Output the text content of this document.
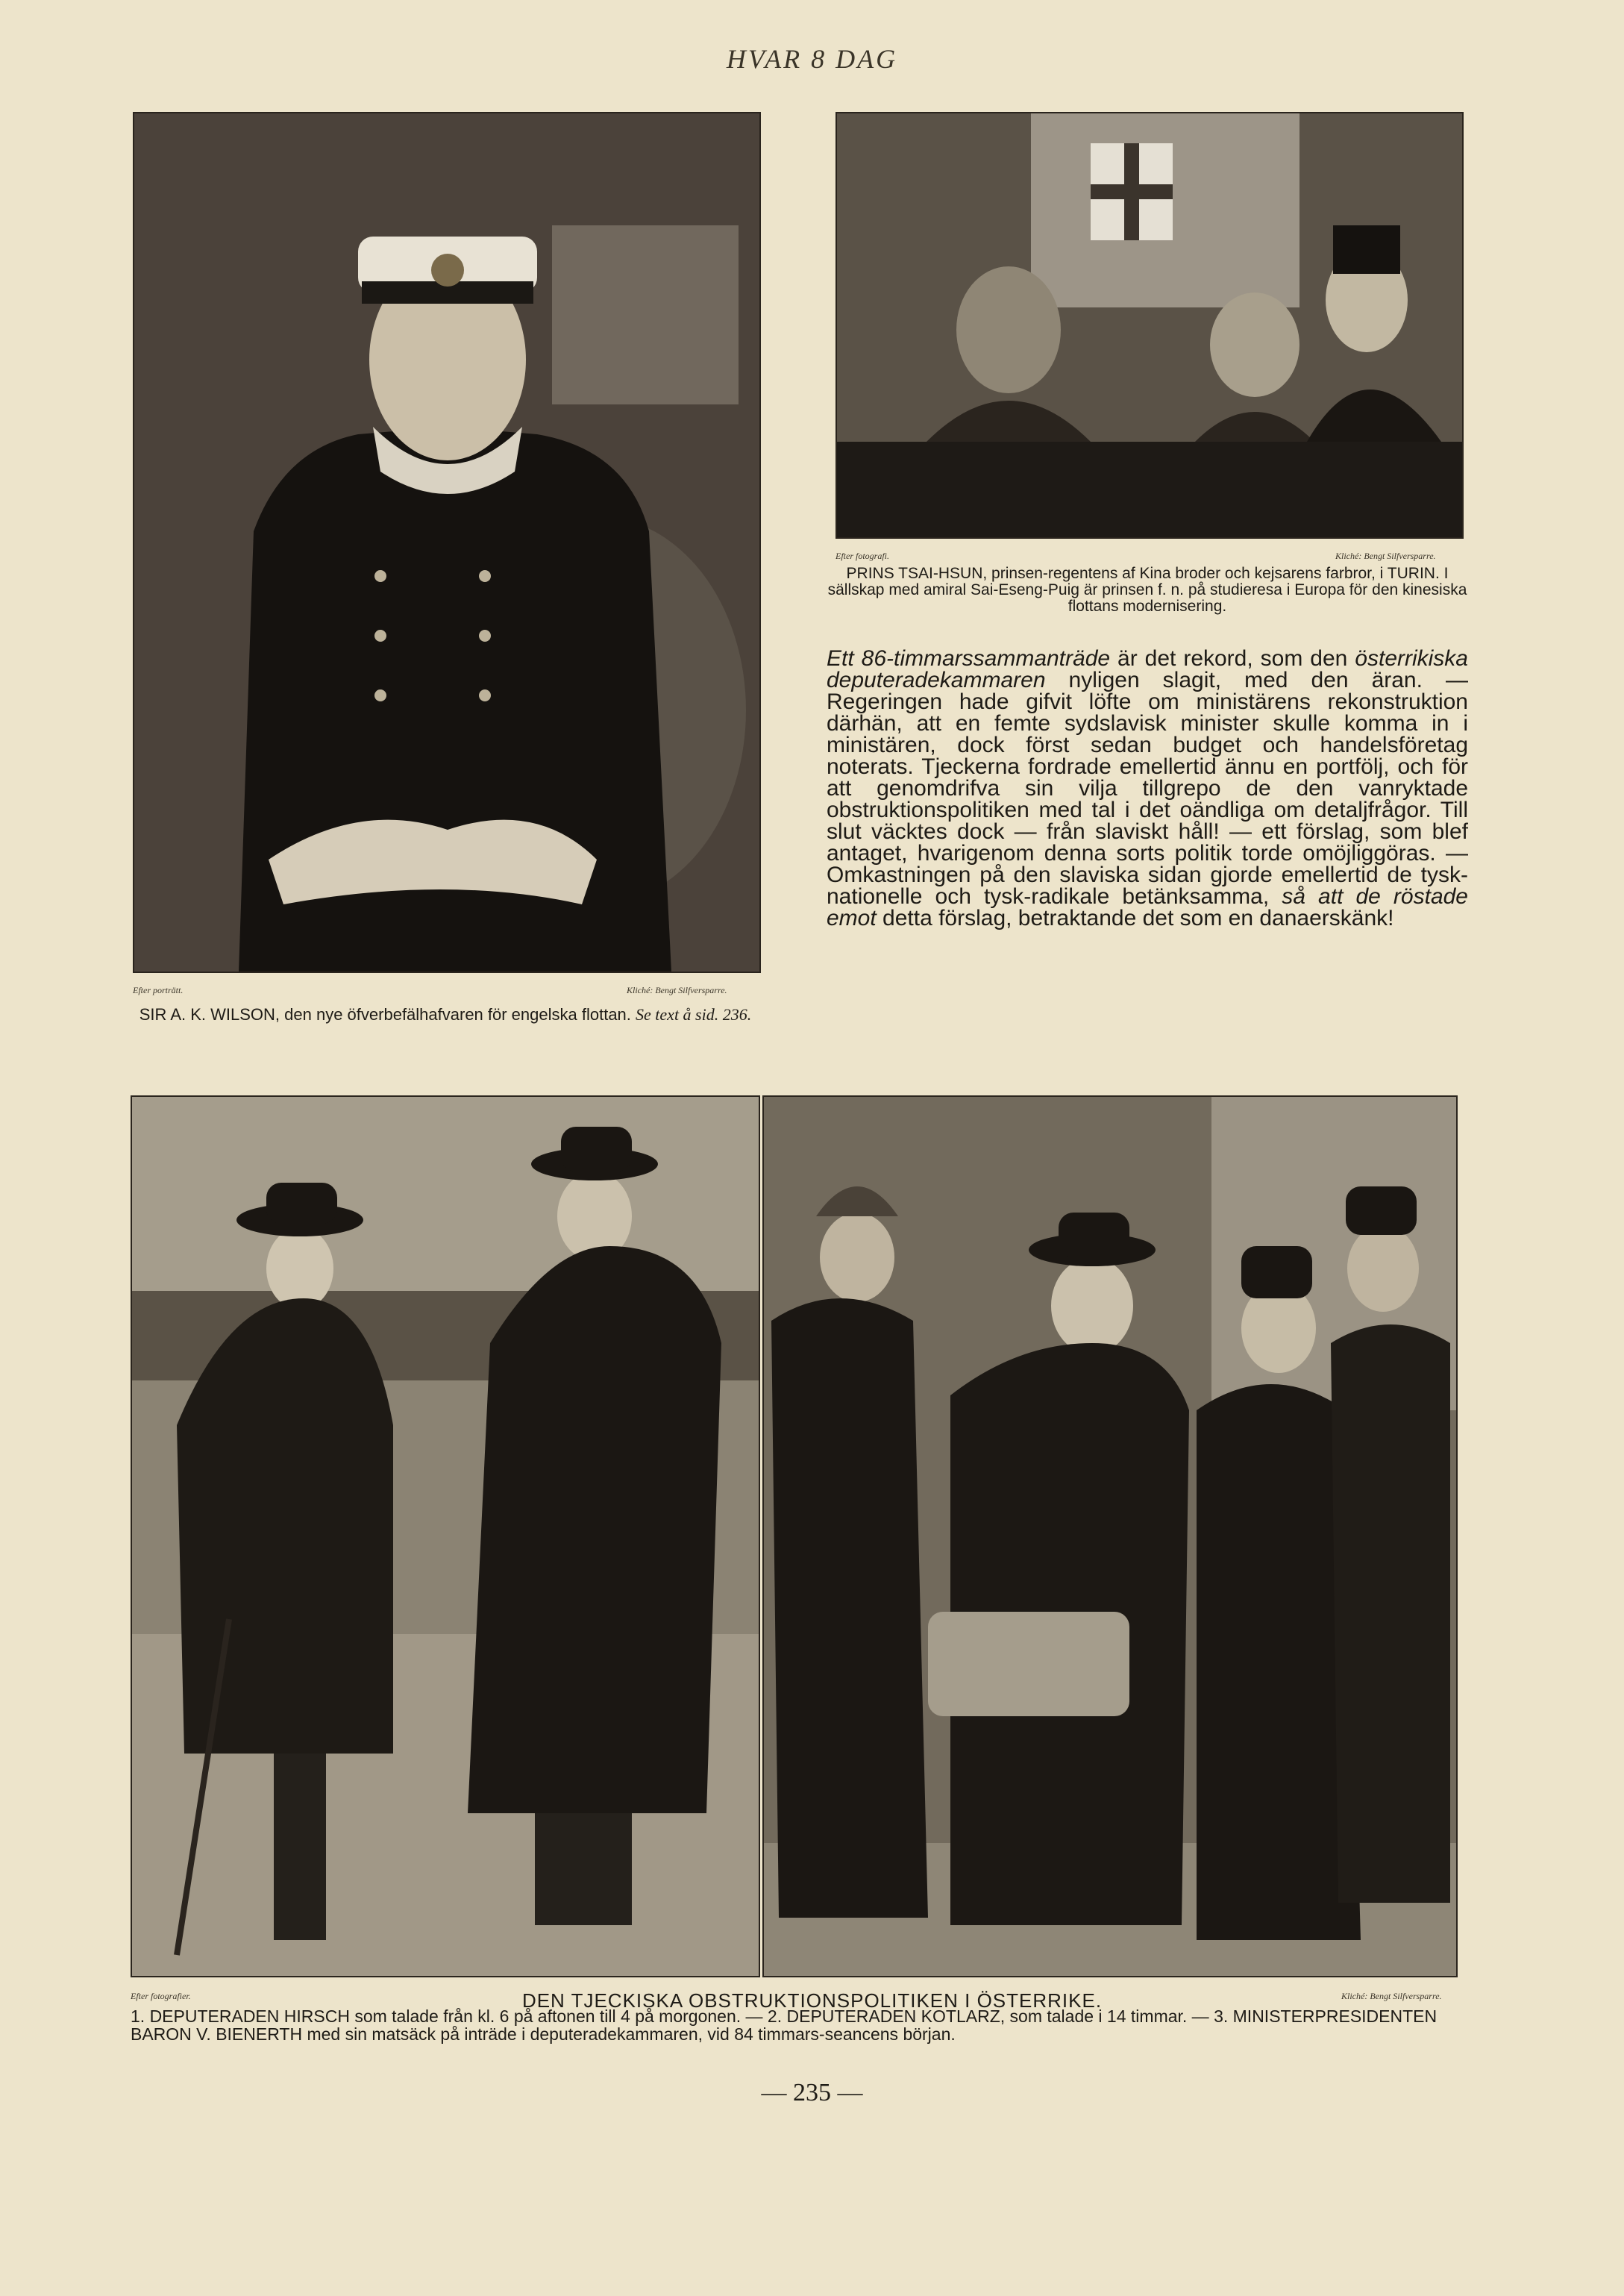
HVAR 8 DAG
Efter porträtt.	Kliché: Bengt Silfversparre.
SIR A. K. WILSON, den nye öfverbefälhafvaren för engelska flottan. Se text å sid. 236.
Efter fotografi.	Kliché: Bengt Silfversparre.
PRINS TSAI-HSUN, prinsen-regentens af Kina broder och kejsarens farbror, i TURIN. I sällskap med amiral Sai-Eseng-Puig är prinsen f. n. på studieresa i Europa för den kinesiska flottans modernisering.
Ett 86-timmarssammanträde är det rekord, som den österrikiska deputeradekammaren nyligen slagit, med den äran. — Regeringen hade gifvit löfte om ministärens rekonstruktion därhän, att en femte sydslavisk minister skulle komma in i ministären, dock först sedan budget och handelsföretag noterats. Tjeckerna fordrade emellertid ännu en portfölj, och för att genomdrifva sin vilja tillgrepo de den vanryktade obstruktionspolitiken med tal i det oändliga om detaljfrågor. Till slut väcktes dock — från slaviskt håll! — ett förslag, som blef antaget, hvarigenom denna sorts politik torde omöjliggöras. — Omkastningen på den slaviska sidan gjorde emellertid de tysk-nationelle och tysk-radikale betänksamma, så att de röstade emot detta förslag, betraktande det som en danaerskänk!
Efter fotografier.	Kliché: Bengt Silfversparre.
DEN TJECKISKA OBSTRUKTIONSPOLITIKEN I ÖSTERRIKE.
1. DEPUTERADEN HIRSCH som talade från kl. 6 på aftonen till 4 på morgonen. — 2. DEPUTERADEN KOTLARZ, som talade i 14 timmar. — 3. MINISTERPRESIDENTEN BARON V. BIENERTH med sin matsäck på inträde i deputeradekammaren, vid 84 timmars-seancens början.
— 235 —
